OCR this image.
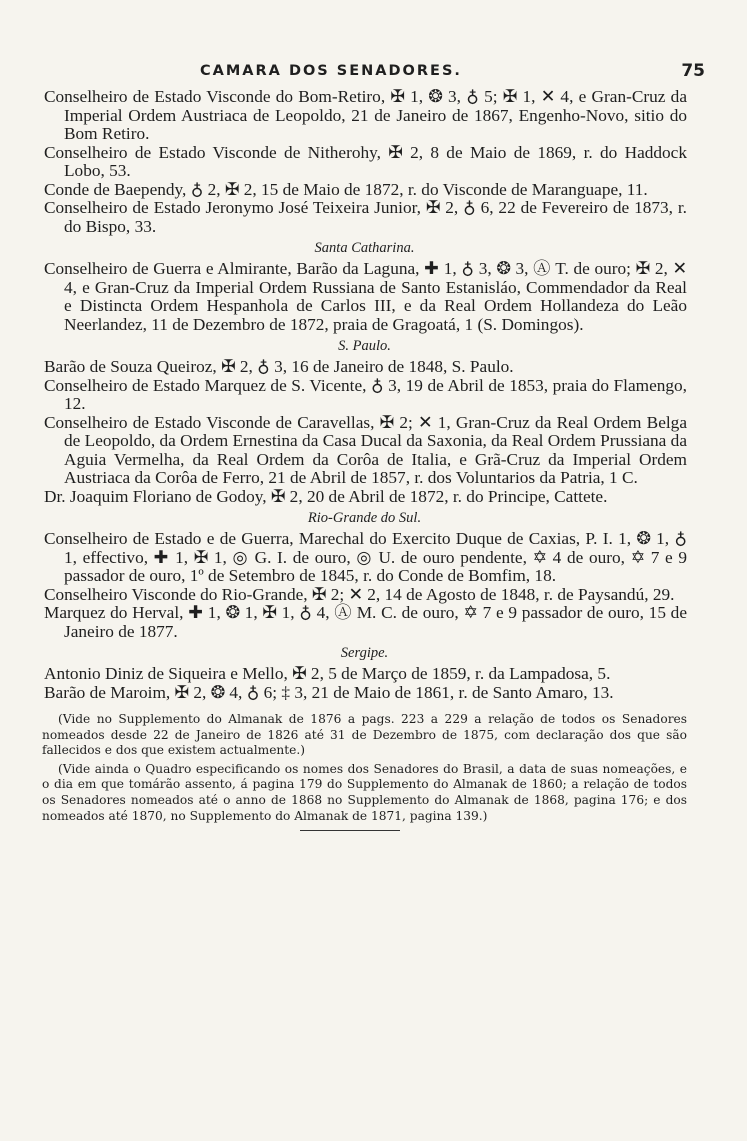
CAMARA DOS SENADORES.	75

Conselheiro de Estado Visconde do Bom-Retiro, ✠ 1, ❂ 3, ♁ 5; ✠ 1, ✕ 4, e Gran-Cruz da Imperial Ordem Austriaca de Leopoldo, 21 de Janeiro de 1867, Engenho-Novo, sitio do Bom Retiro.

Conselheiro de Estado Visconde de Nitherohy, ✠ 2, 8 de Maio de 1869, r. do Haddock Lobo, 53.

Conde de Baependy, ♁ 2, ✠ 2, 15 de Maio de 1872, r. do Visconde de Maranguape, 11.

Conselheiro de Estado Jeronymo José Teixeira Junior, ✠ 2, ♁ 6, 22 de Fevereiro de 1873, r. do Bispo, 33.

Santa Catharina.

Conselheiro de Guerra e Almirante, Barão da Laguna, ✚ 1, ♁ 3, ❂ 3, Ⓐ T. de ouro; ✠ 2, ✕ 4, e Gran-Cruz da Imperial Ordem Russiana de Santo Estanisláo, Commendador da Real e Distincta Ordem Hespanhola de Carlos III, e da Real Ordem Hollandeza do Leão Neerlandez, 11 de Dezembro de 1872, praia de Gragoatá, 1 (S. Domingos).

S. Paulo.

Barão de Souza Queiroz, ✠ 2, ♁ 3, 16 de Janeiro de 1848, S. Paulo.

Conselheiro de Estado Marquez de S. Vicente, ♁ 3, 19 de Abril de 1853, praia do Flamengo, 12.

Conselheiro de Estado Visconde de Caravellas, ✠ 2; ✕ 1, Gran-Cruz da Real Ordem Belga de Leopoldo, da Ordem Ernestina da Casa Ducal da Saxonia, da Real Ordem Prussiana da Aguia Vermelha, da Real Ordem da Corôa de Italia, e Grã-Cruz da Imperial Ordem Austriaca da Corôa de Ferro, 21 de Abril de 1857, r. dos Voluntarios da Patria, 1 C.

Dr. Joaquim Floriano de Godoy, ✠ 2, 20 de Abril de 1872, r. do Principe, Cattete.

Rio-Grande do Sul.

Conselheiro de Estado e de Guerra, Marechal do Exercito Duque de Caxias, P. I. 1, ❂ 1, ♁ 1, effectivo, ✚ 1, ✠ 1, ◎ G. I. de ouro, ◎ U. de ouro pendente, ✡ 4 de ouro, ✡ 7 e 9 passador de ouro, 1º de Setembro de 1845, r. do Conde de Bomfim, 18.

Conselheiro Visconde do Rio-Grande, ✠ 2; ✕ 2, 14 de Agosto de 1848, r. de Paysandú, 29.

Marquez do Herval, ✚ 1, ❂ 1, ✠ 1, ♁ 4, Ⓐ M. C. de ouro, ✡ 7 e 9 passador de ouro, 15 de Janeiro de 1877.

Sergipe.

Antonio Diniz de Siqueira e Mello, ✠ 2, 5 de Março de 1859, r. da Lampadosa, 5.

Barão de Maroim, ✠ 2, ❂ 4, ♁ 6; ‡ 3, 21 de Maio de 1861, r. de Santo Amaro, 13.

(Vide no Supplemento do Almanak de 1876 a pags. 223 a 229 a relação de todos os Senadores nomeados desde 22 de Janeiro de 1826 até 31 de Dezembro de 1875, com declaração dos que são fallecidos e dos que existem actualmente.)

(Vide ainda o Quadro especificando os nomes dos Senadores do Brasil, a data de suas nomeações, e o dia em que tomárão assento, á pagina 179 do Supplemento do Almanak de 1860; a relação de todos os Senadores nomeados até o anno de 1868 no Supplemento do Almanak de 1868, pagina 176; e dos nomeados até 1870, no Supplemento do Almanak de 1871, pagina 139.)
